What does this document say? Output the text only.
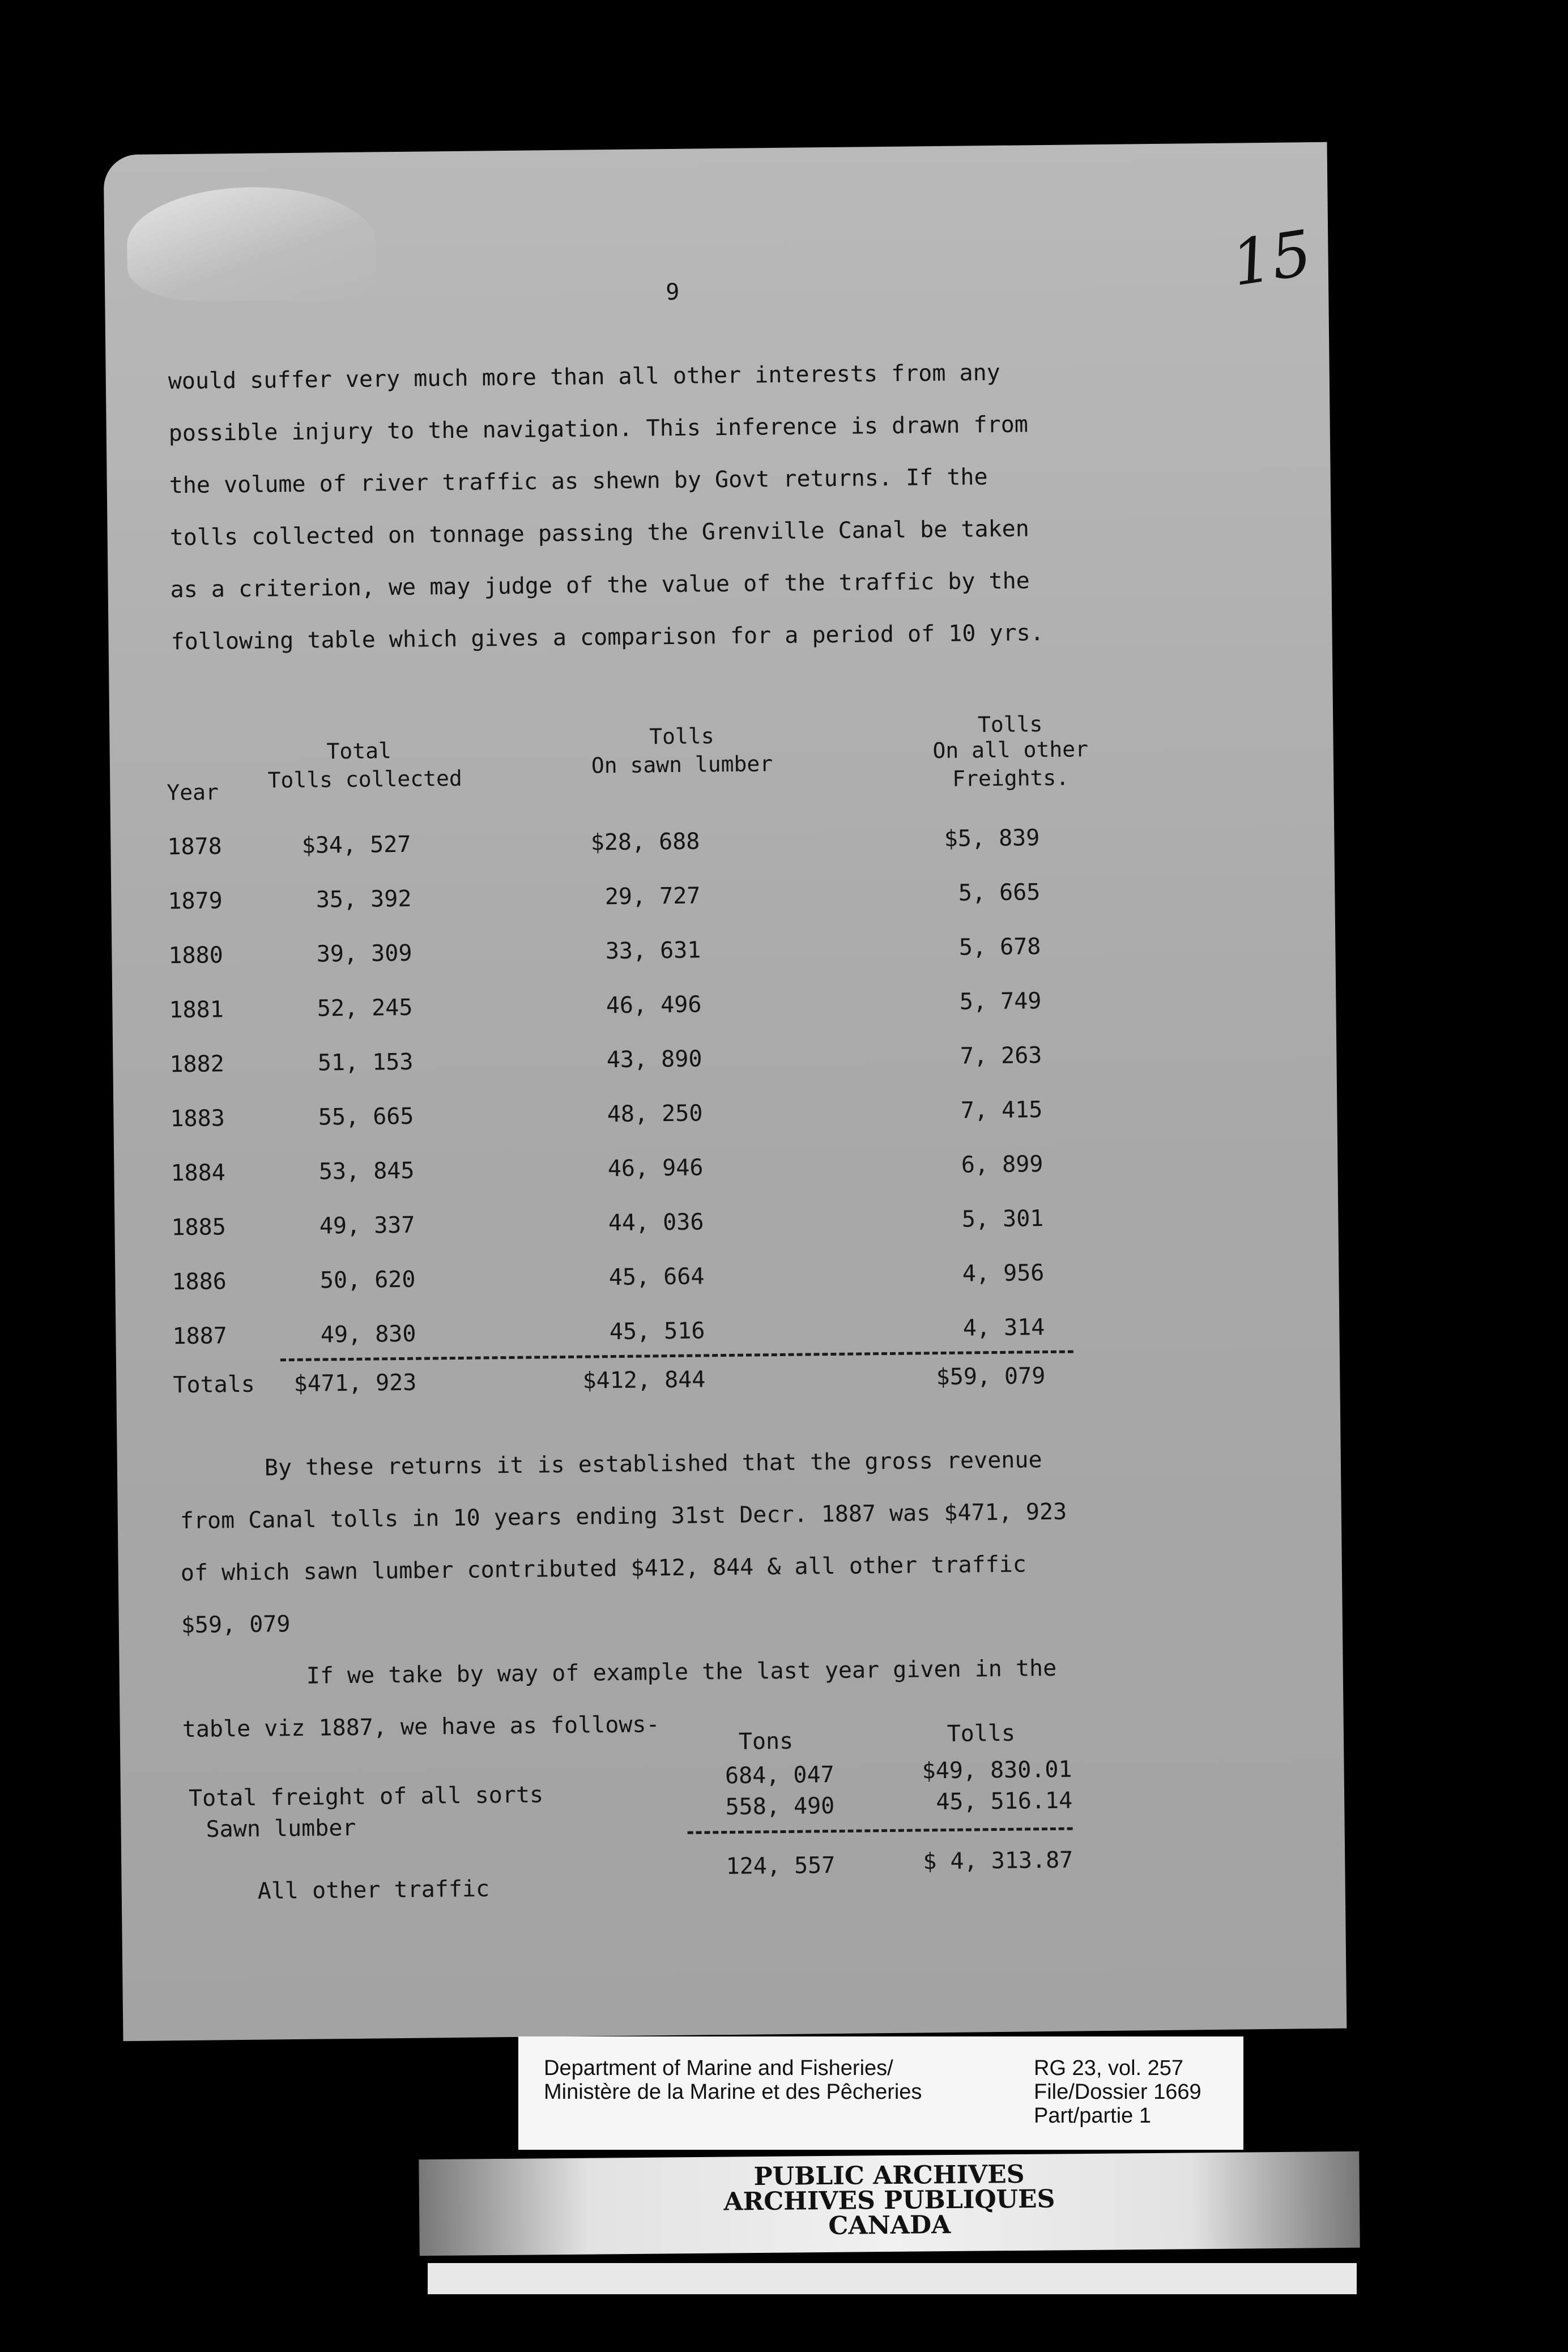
15
9
would suffer very much more than all other interests from any
possible injury to the navigation. This inference is drawn from
the volume of river traffic as shewn by Govt returns. If the
tolls collected on tonnage passing the Grenville Canal be taken
as a criterion, we may judge of the value of the traffic by the
following table which gives a comparison for a period of 10 yrs.
Year
Total
Tolls collected
Tolls
On sawn lumber
Tolls
On all other
Freights.
1878	$34, 527	$28, 688	$5, 839
1879	35, 392	29, 727	5, 665
1880	39, 309	33, 631	5, 678
1881	52, 245	46, 496	5, 749
1882	51, 153	43, 890	7, 263
1883	55, 665	48, 250	7, 415
1884	53, 845	46, 946	6, 899
1885	49, 337	44, 036	5, 301
1886	50, 620	45, 664	4, 956
1887	49, 830	45, 516	4, 314
Totals	$471, 923	$412, 844	$59, 079
By these returns it is established that the gross revenue
from Canal tolls in 10 years ending 31st Decr. 1887 was $471, 923
of which sawn lumber contributed $412, 844 & all other traffic
$59, 079
If we take by way of example the last year given in the
table viz 1887, we have as follows-	Tons	Tolls
Total freight of all sorts
684, 047	$49, 830.01
Sawn lumber
558, 490	45, 516.14
All other traffic
124, 557	$ 4, 313.87
Department of Marine and Fisheries/
Ministère de la Marine et des Pêcheries
RG 23, vol. 257
File/Dossier 1669
Part/partie 1
PUBLIC ARCHIVES
ARCHIVES PUBLIQUES
CANADA
